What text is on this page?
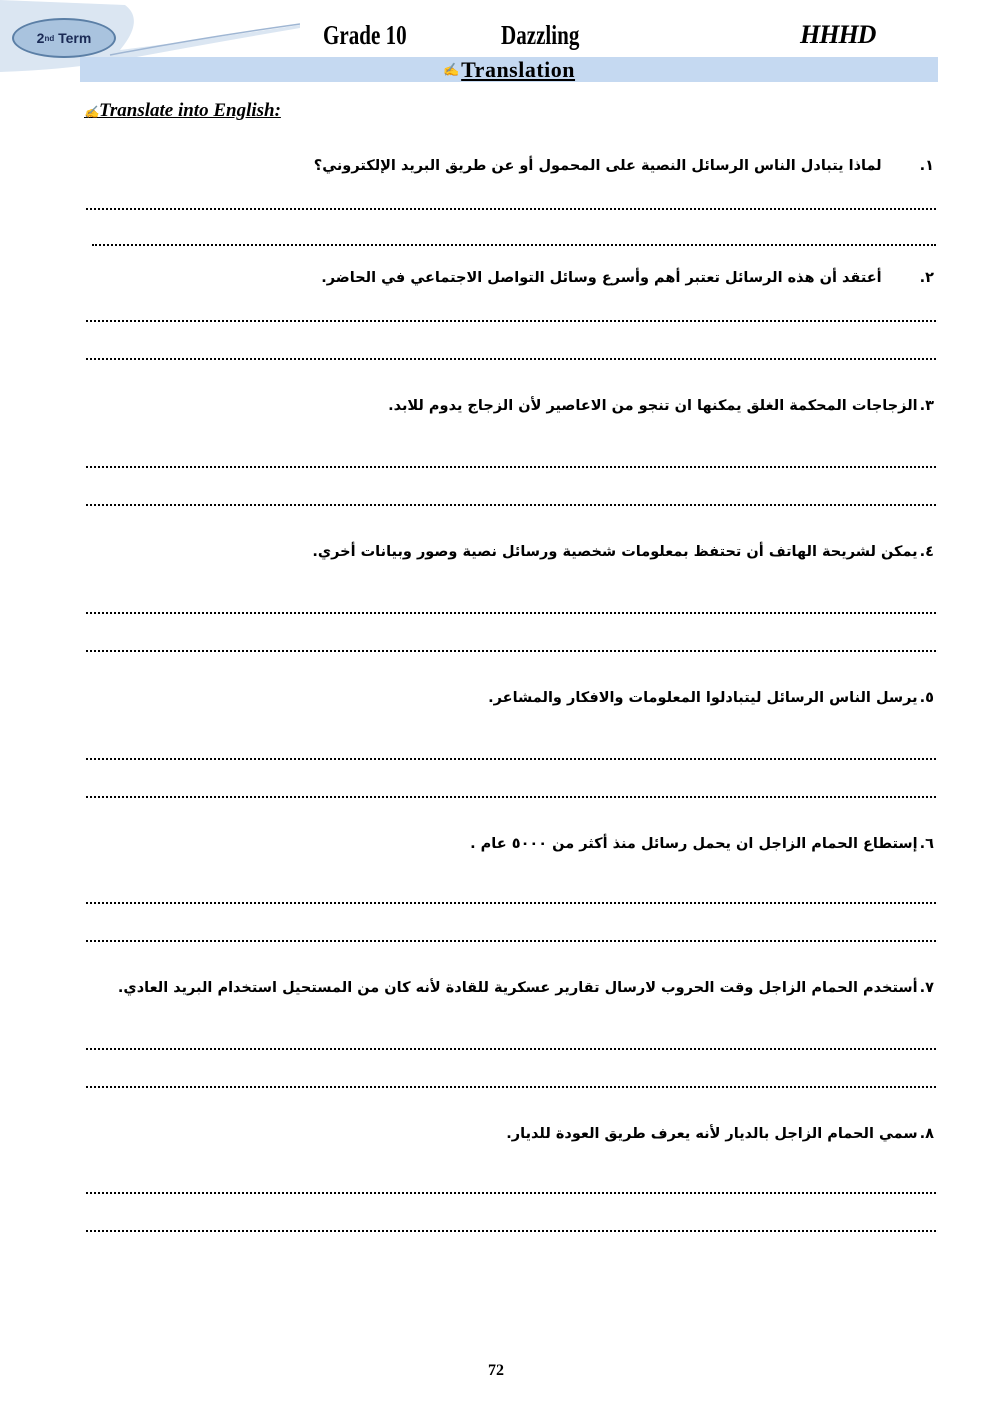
2 nd
Term	Grade 10	Dazzling	HHHD
✍ Translation
✍Translate into English:
١.لماذا يتبادل الناس الرسائل النصية على المحمول أو عن طريق البريد الإلكتروني؟
٢.أعتقد أن هذه الرسائل تعتبر أهم وأسرع وسائل التواصل الاجتماعي في الحاضر.
٣.الزجاجات المحكمة الغلق يمكنها ان تنجو من الاعاصير لأن الزجاج يدوم للابد.
٤.يمكن لشريحة الهاتف أن تحتفظ بمعلومات شخصية ورسائل نصية وصور وبيانات أخري.
٥.يرسل الناس الرسائل ليتبادلوا المعلومات والافكار والمشاعر.
٦.إستطاع الحمام الزاجل ان يحمل رسائل منذ أكثر من ٥٠٠٠ عام .
٧.أستخدم الحمام الزاجل وقت الحروب لارسال تقارير عسكرية للقادة لأنه كان من المستحيل استخدام البريد العادي.
٨.سمي الحمام الزاجل بالديار لأنه يعرف طريق العودة للديار.
72
